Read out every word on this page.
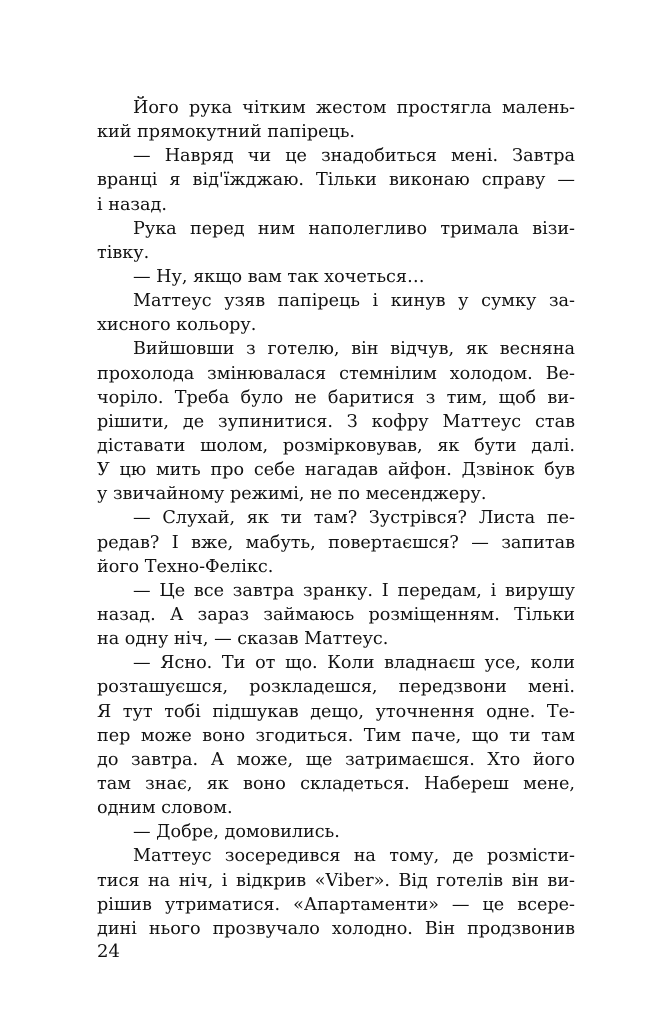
Його рука чітким жестом простягла малень-
кий прямокутний папірець.
— Навряд чи це знадобиться мені. Завтра
вранці я від'їжджаю. Тільки виконаю справу —
і назад.
Рука перед ним наполегливо тримала візи-
тівку.
— Ну, якщо вам так хочеться…
Маттеус узяв папірець і кинув у сумку за-
хисного кольору.
Вийшовши з готелю, він відчув, як весняна
прохолода змінювалася стемнілим холодом. Ве-
чоріло. Треба було не баритися з тим, щоб ви-
рішити, де зупинитися. З кофру Маттеус став
діставати шолом, розмірковував, як бути далі.
У цю мить про себе нагадав айфон. Дзвінок був
у звичайному режимі, не по месенджеру.
— Слухай, як ти там? Зустрівся? Листа пе-
редав? І вже, мабуть, повертаєшся? — запитав
його Техно-Фелікс.
— Це все завтра зранку. І передам, і вирушу
назад. А зараз займаюсь розміщенням. Тільки
на одну ніч, — сказав Маттеус.
— Ясно. Ти от що. Коли владнаєш усе, коли
розташуєшся, розкладешся, передзвони мені.
Я тут тобі підшукав дещо, уточнення одне. Те-
пер може воно згодиться. Тим паче, що ти там
до завтра. А може, ще затримаєшся. Хто його
там знає, як воно складеться. Набереш мене,
одним словом.
— Добре, домовились.
Маттеус зосередився на тому, де розмісти-
тися на ніч, і відкрив «Viber». Від готелів він ви-
рішив утриматися. «Апартаменти» — це всере-
дині нього прозвучало холодно. Він продзвонив
24
